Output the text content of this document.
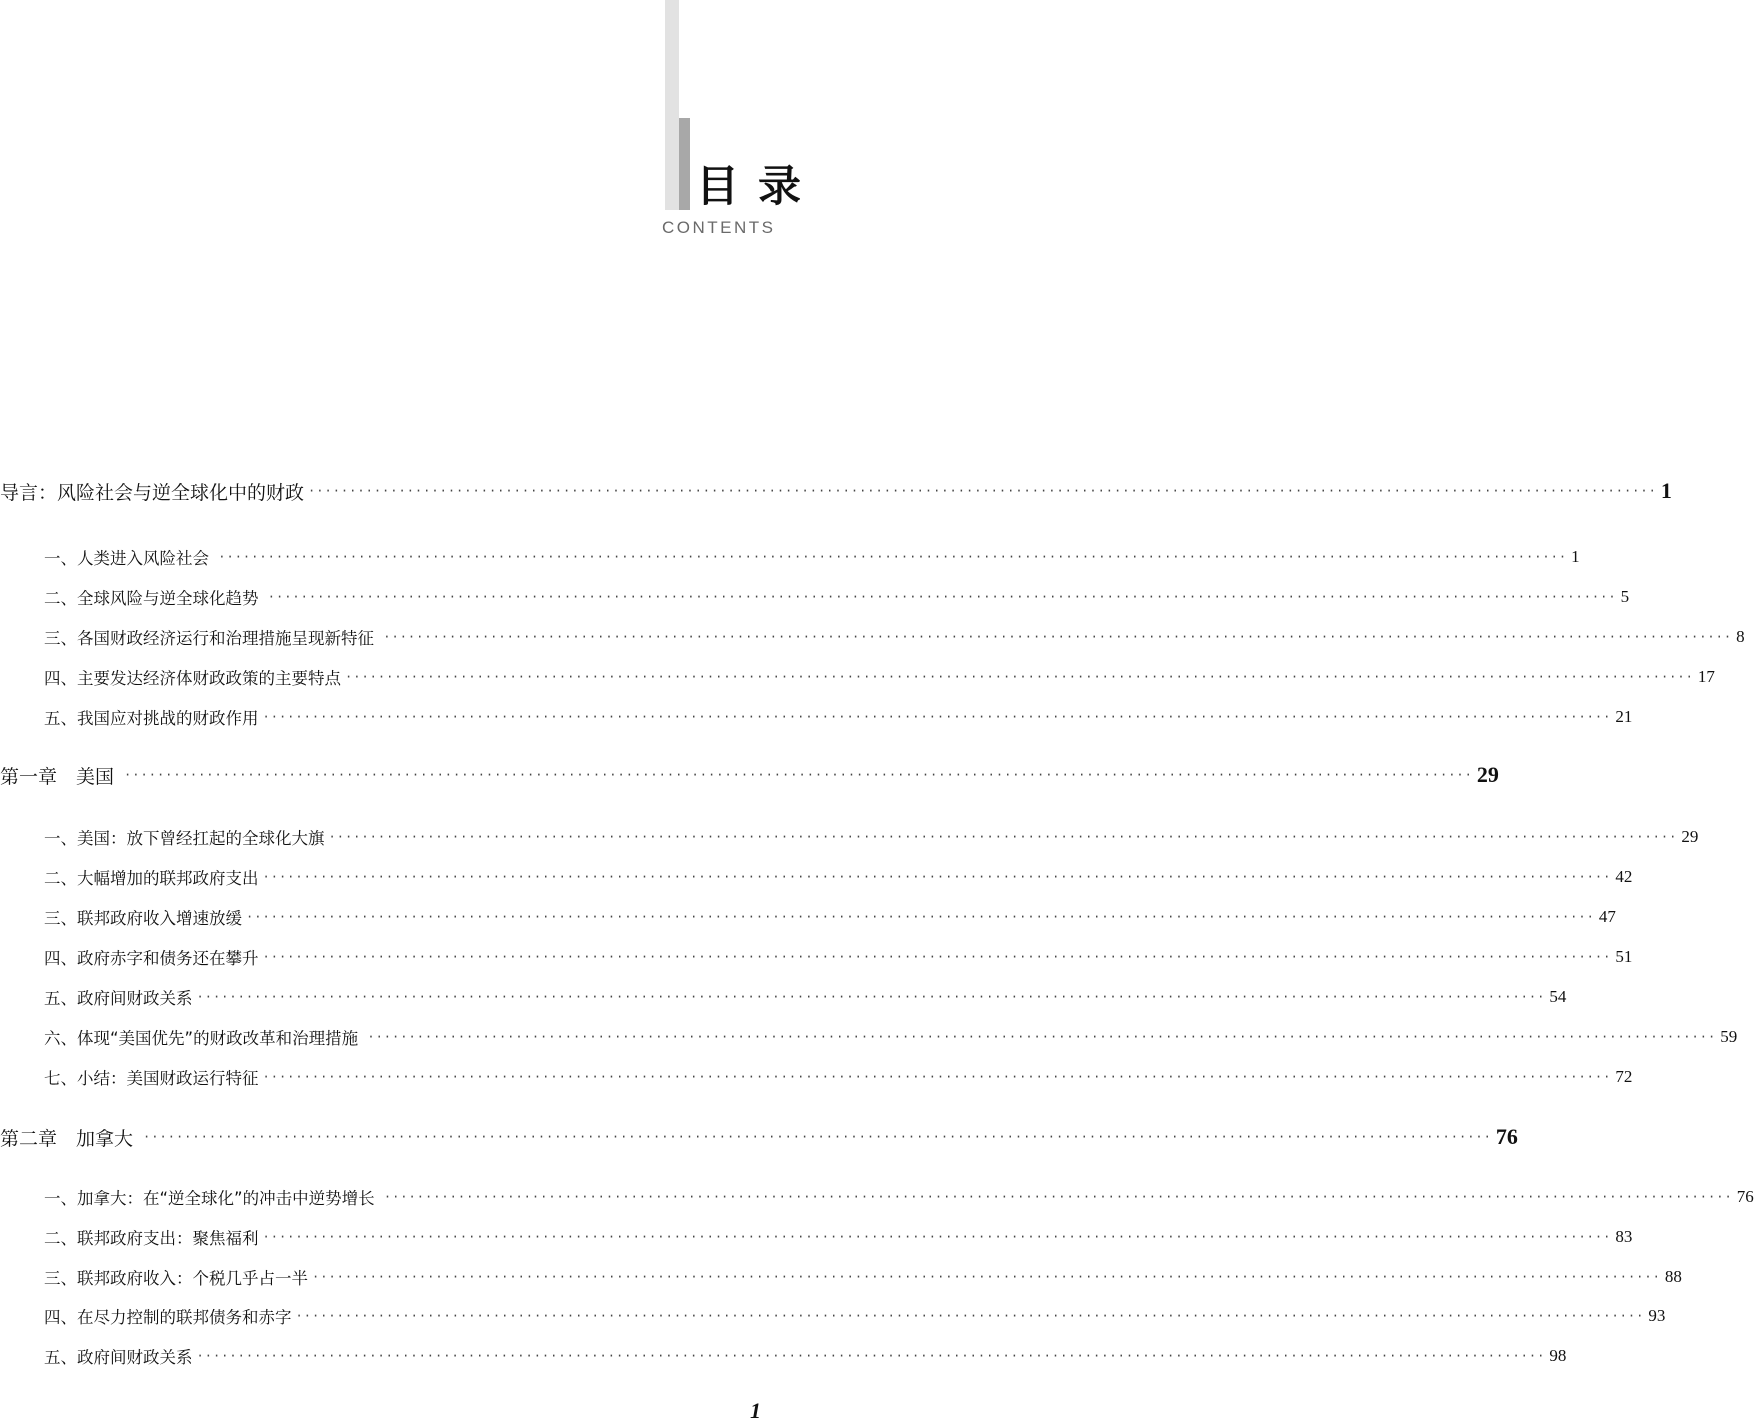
目 录
CONTENTS
导言：风险社会与逆全球化中的财政 ·····	1
一、人类进入风险社会 ·····	1
二、全球风险与逆全球化趋势 ·····	5
三、各国财政经济运行和治理措施呈现新特征 ·····	8
四、主要发达经济体财政政策的主要特点 ·····	17
五、我国应对挑战的财政作用 ·····	21
第一章　美国 ·····	29
一、美国：放下曾经扛起的全球化大旗 ·····	29
二、大幅增加的联邦政府支出 ·····	42
三、联邦政府收入增速放缓 ·····	47
四、政府赤字和债务还在攀升 ·····	51
五、政府间财政关系 ·····	54
六、体现“美国优先”的财政改革和治理措施 ·····	59
七、小结：美国财政运行特征 ·····	72
第二章　加拿大 ·····	76
一、加拿大：在“逆全球化”的冲击中逆势增长 ·····	76
二、联邦政府支出：聚焦福利 ·····	83
三、联邦政府收入：个税几乎占一半 ·····	88
四、在尽力控制的联邦债务和赤字 ·····	93
五、政府间财政关系 ·····	98
1
